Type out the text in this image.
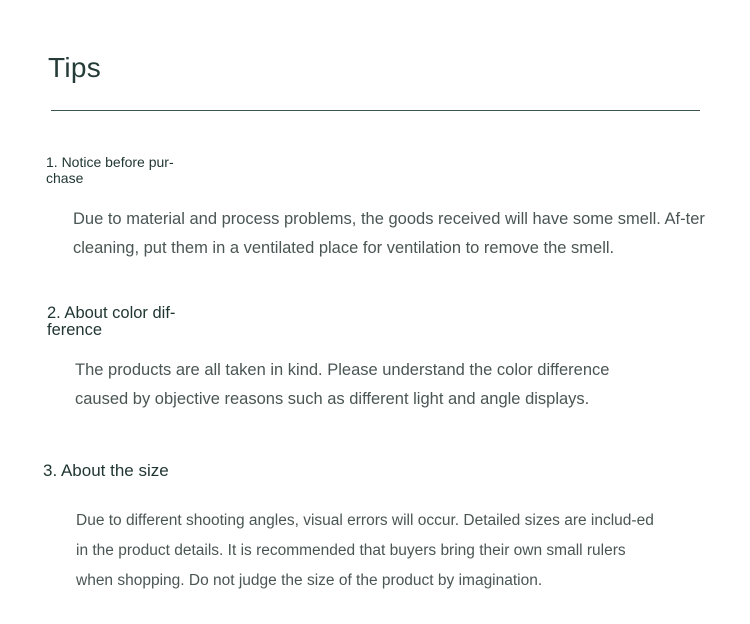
Tips
1. Notice before pur-chase

Due to material and process problems, the goods received will have some smell. Af-ter cleaning, put them in a ventilated place for ventilation to remove the smell.

2. About color dif-ference

The products are all taken in kind. Please understand the color difference caused by objective reasons such as different light and angle displays.

3. About the size

Due to different shooting angles, visual errors will occur. Detailed sizes are includ-ed in the product details. It is recommended that buyers bring their own small rulers when shopping. Do not judge the size of the product by imagination.
